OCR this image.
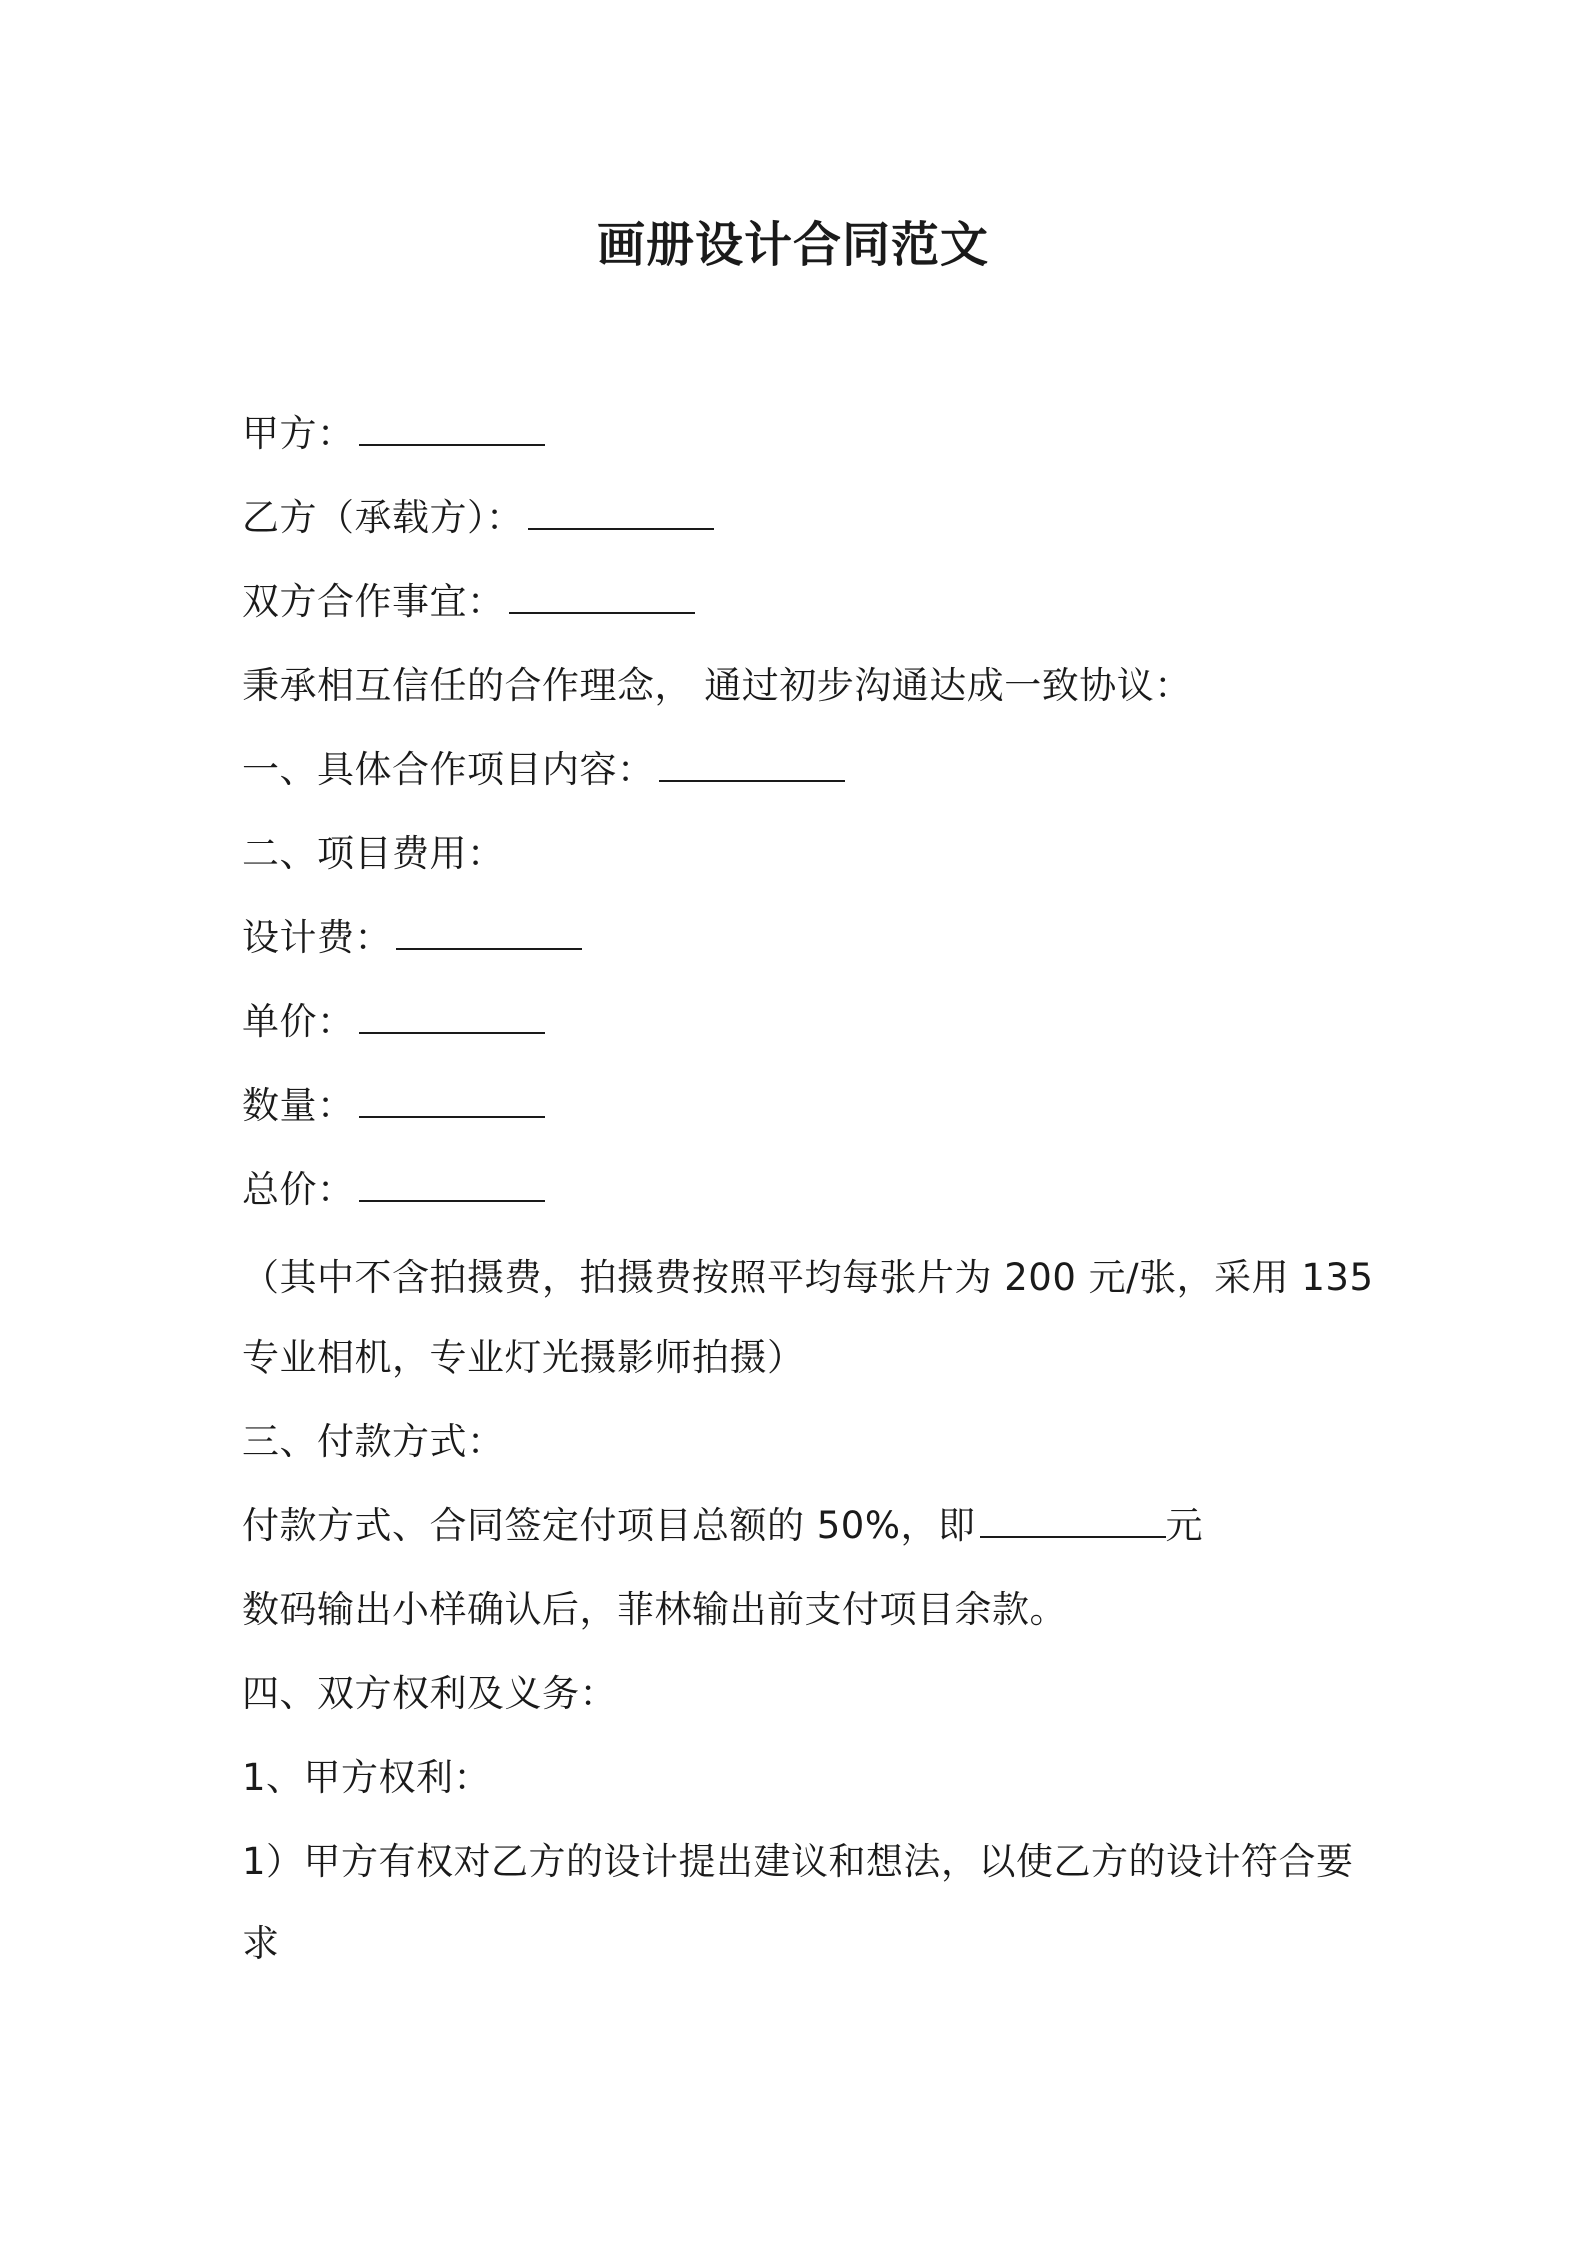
画册设计合同范文
甲方：
乙方（承载方）：
双方合作事宜：
秉承相互信任的合作理念， 通过初步沟通达成一致协议：
一、具体合作项目内容：
二、项目费用：
设计费：
单价：
数量：
总价：
（其中不含拍摄费，拍摄费按照平均每张片为 200 元/张，采用 135
专业相机，专业灯光摄影师拍摄）
三、付款方式：
付款方式、合同签定付项目总额的 50%，即	元
数码输出小样确认后，菲林输出前支付项目余款。
四、双方权利及义务：
1、甲方权利：
1）甲方有权对乙方的设计提出建议和想法，以使乙方的设计符合要
求
